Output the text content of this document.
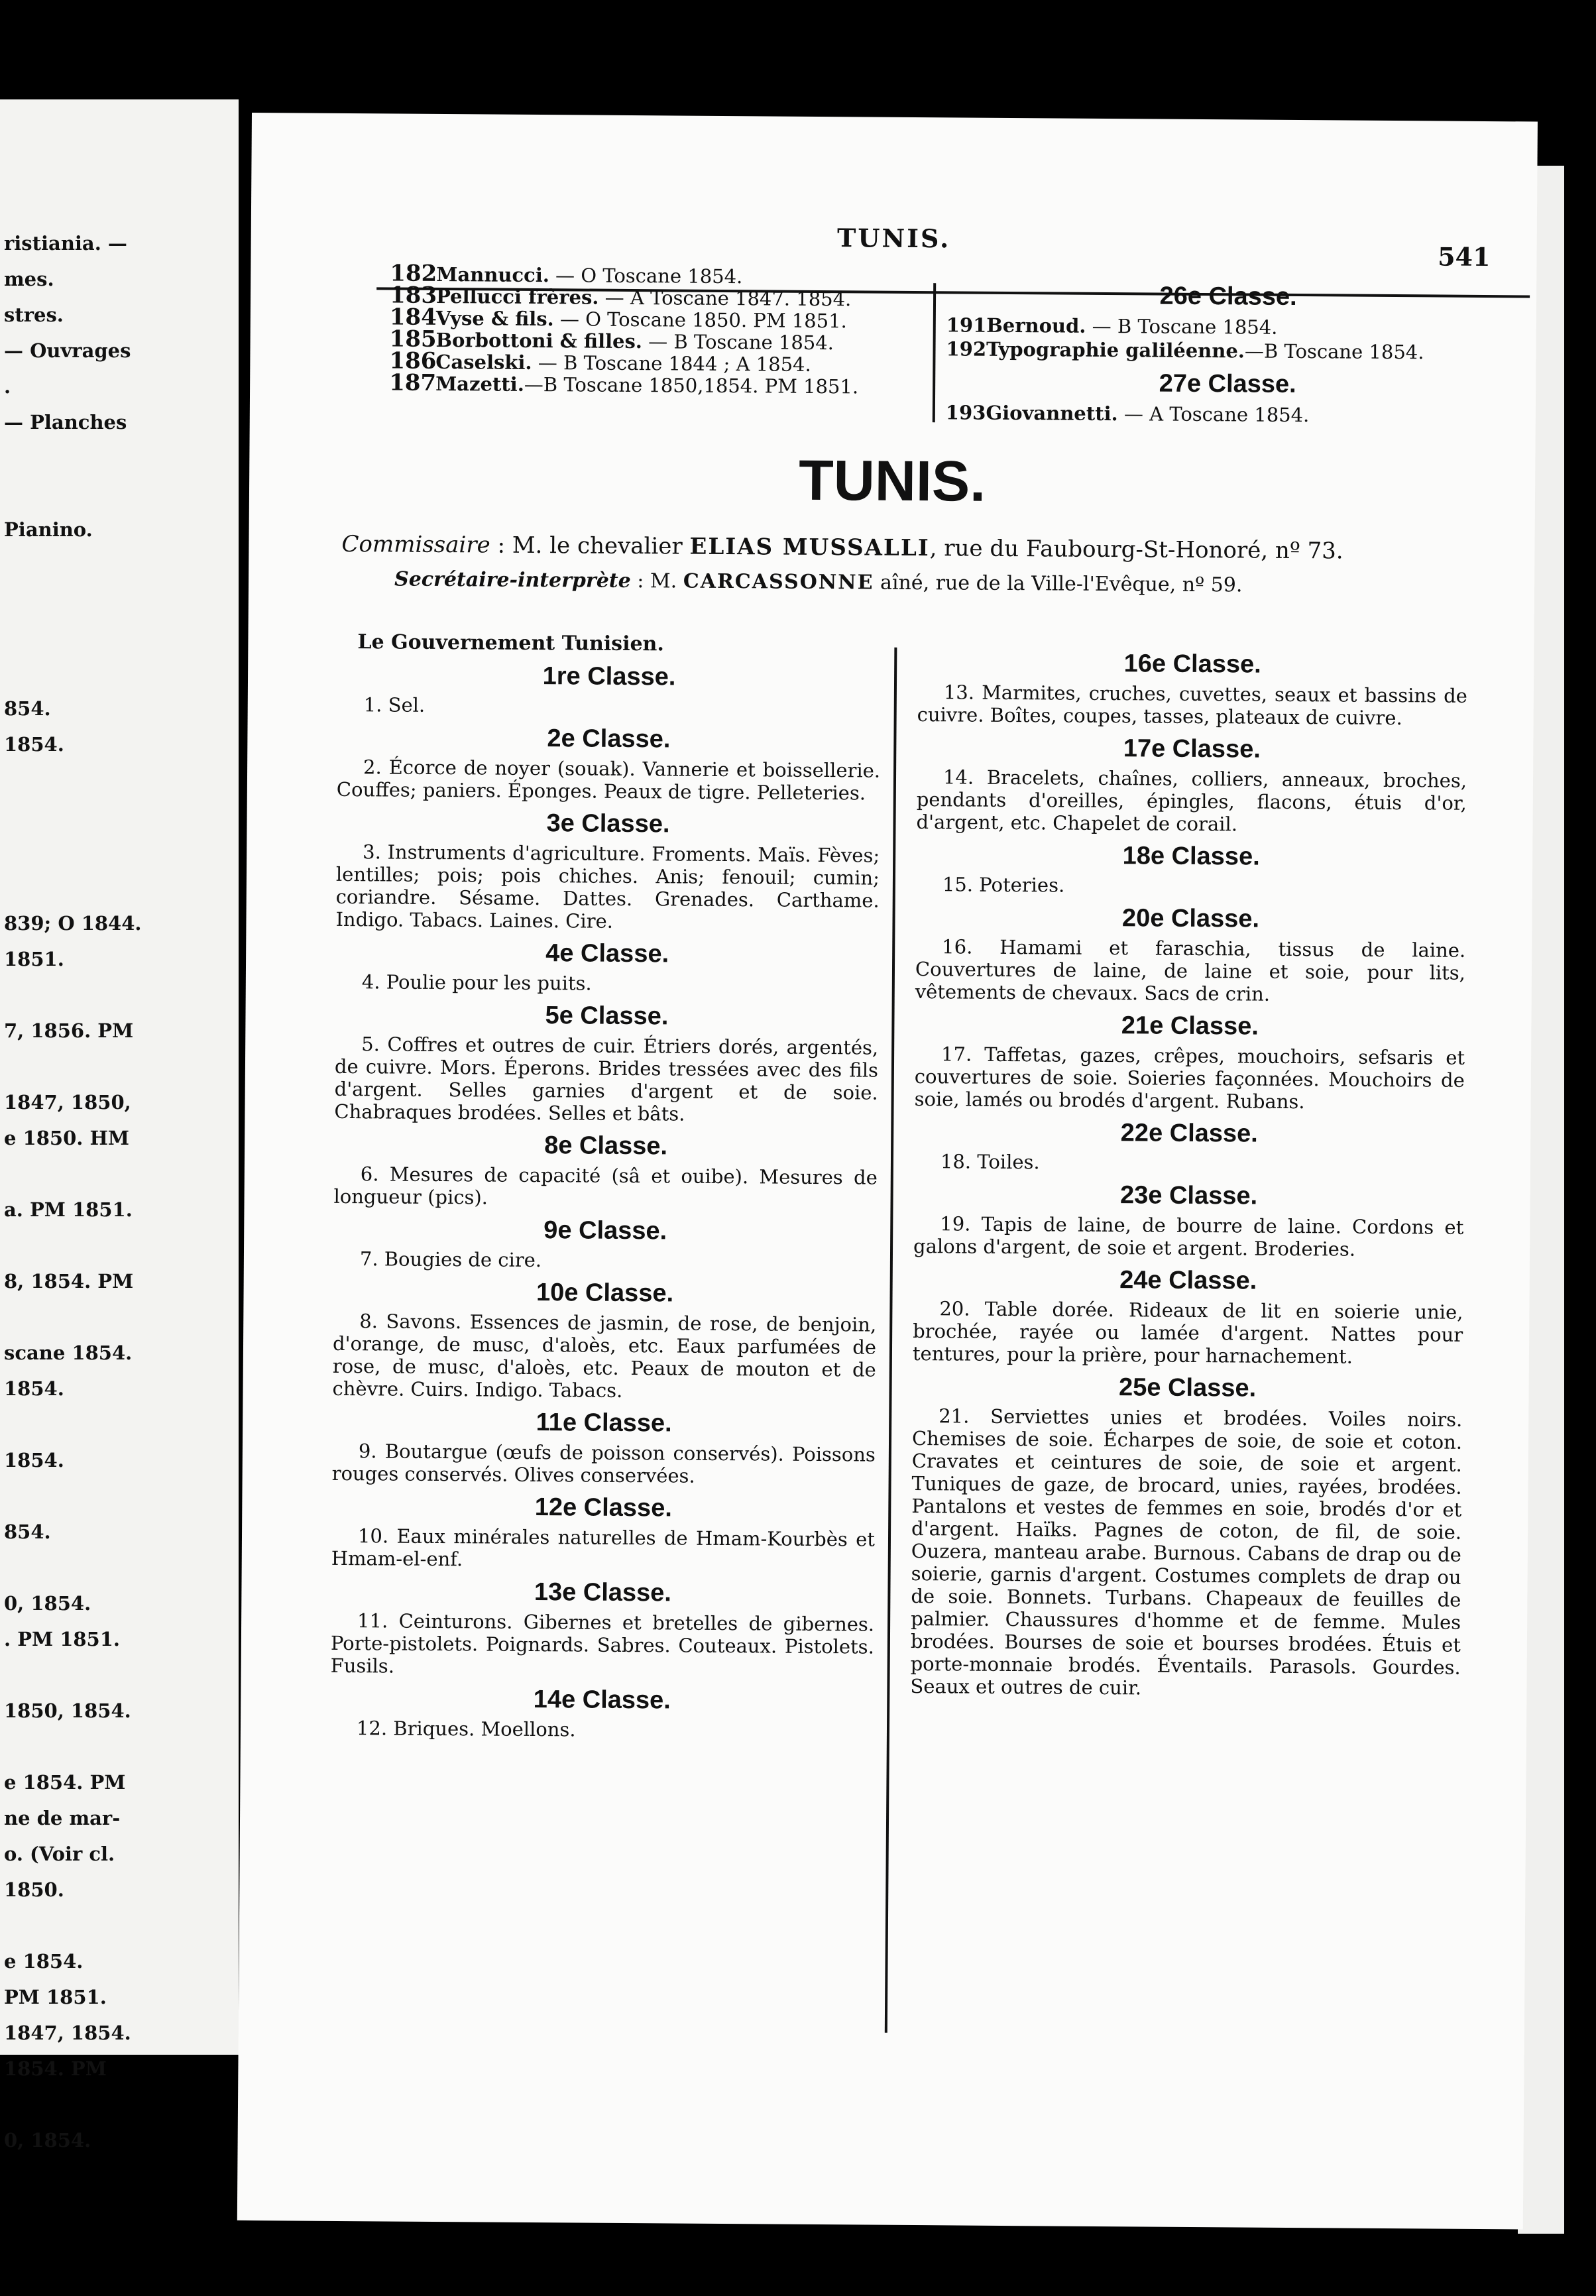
ristiania. —
mes.
stres.
— Ouvrages
.
— Planches
Pianino.
854.
1854.
839; O 1844.
1851.
7, 1856. PM
1847, 1850,
e 1850. HM
a. PM 1851.
8, 1854. PM
scane 1854.
1854.
1854.
854.
0, 1854.
. PM 1851.
1850, 1854.
e 1854. PM
ne de mar-
o. (Voir cl.
1850.
e 1854.
PM 1851.
1847, 1854.
1854. PM
0, 1854.
TUNIS.
541
182Mannucci. — O Toscane 1854.
183Pellucci frères. — A Toscane 1847. 1854.
184Vyse & fils. — O Toscane 1850. PM 1851.
185Borbottoni & filles. — B Toscane 1854.
186Caselski. — B Toscane 1844 ; A 1854.
187Mazetti.—B Toscane 1850,1854. PM 1851.
26e Classe.
191Bernoud. — B Toscane 1854.
192Typographie galiléenne.—B Toscane 1854.
27e Classe.
193Giovannetti. — A Toscane 1854.
TUNIS.
Commissaire : M. le chevalier ELIAS MUSSALLI, rue du Faubourg-St-Honoré, nº 73.
Secrétaire-interprète : M. CARCASSONNE aîné, rue de la Ville-l'Evêque, nº 59.
Le Gouvernement Tunisien.
1re Classe.
1. Sel.
2e Classe.
2. Écorce de noyer (souak). Vannerie et boissellerie. Couffes; paniers. Éponges. Peaux de tigre. Pelleteries.
3e Classe.
3. Instruments d'agriculture. Froments. Maïs. Fèves; lentilles; pois; pois chiches. Anis; fenouil; cumin; coriandre. Sésame. Dattes. Grenades. Carthame. Indigo. Tabacs. Laines. Cire.
4e Classe.
4. Poulie pour les puits.
5e Classe.
5. Coffres et outres de cuir. Étriers dorés, argentés, de cuivre. Mors. Éperons. Brides tressées avec des fils d'argent. Selles garnies d'argent et de soie. Chabraques brodées. Selles et bâts.
8e Classe.
6. Mesures de capacité (sâ et ouibe). Mesures de longueur (pics).
9e Classe.
7. Bougies de cire.
10e Classe.
8. Savons. Essences de jasmin, de rose, de benjoin, d'orange, de musc, d'aloès, etc. Eaux parfumées de rose, de musc, d'aloès, etc. Peaux de mouton et de chèvre. Cuirs. Indigo. Tabacs.
11e Classe.
9. Boutargue (œufs de poisson conservés). Poissons rouges conservés. Olives conservées.
12e Classe.
10. Eaux minérales naturelles de Hmam-Kourbès et Hmam-el-enf.
13e Classe.
11. Ceinturons. Gibernes et bretelles de gibernes. Porte-pistolets. Poignards. Sabres. Couteaux. Pistolets. Fusils.
14e Classe.
12. Briques. Moellons.
16e Classe.
13. Marmites, cruches, cuvettes, seaux et bassins de cuivre. Boîtes, coupes, tasses, plateaux de cuivre.
17e Classe.
14. Bracelets, chaînes, colliers, anneaux, broches, pendants d'oreilles, épingles, flacons, étuis d'or, d'argent, etc. Chapelet de corail.
18e Classe.
15. Poteries.
20e Classe.
16. Hamami et faraschia, tissus de laine. Couvertures de laine, de laine et soie, pour lits, vêtements de chevaux. Sacs de crin.
21e Classe.
17. Taffetas, gazes, crêpes, mouchoirs, sefsaris et couvertures de soie. Soieries façonnées. Mouchoirs de soie, lamés ou brodés d'argent. Rubans.
22e Classe.
18. Toiles.
23e Classe.
19. Tapis de laine, de bourre de laine. Cordons et galons d'argent, de soie et argent. Broderies.
24e Classe.
20. Table dorée. Rideaux de lit en soierie unie, brochée, rayée ou lamée d'argent. Nattes pour tentures, pour la prière, pour harnachement.
25e Classe.
21. Serviettes unies et brodées. Voiles noirs. Chemises de soie. Écharpes de soie, de soie et coton. Cravates et ceintures de soie, de soie et argent. Tuniques de gaze, de brocard, unies, rayées, brodées. Pantalons et vestes de femmes en soie, brodés d'or et d'argent. Haïks. Pagnes de coton, de fil, de soie. Ouzera, manteau arabe. Burnous. Cabans de drap ou de soierie, garnis d'argent. Costumes complets de drap ou de soie. Bonnets. Turbans. Chapeaux de feuilles de palmier. Chaussures d'homme et de femme. Mules brodées. Bourses de soie et bourses brodées. Étuis et porte-monnaie brodés. Éventails. Parasols. Gourdes. Seaux et outres de cuir.
